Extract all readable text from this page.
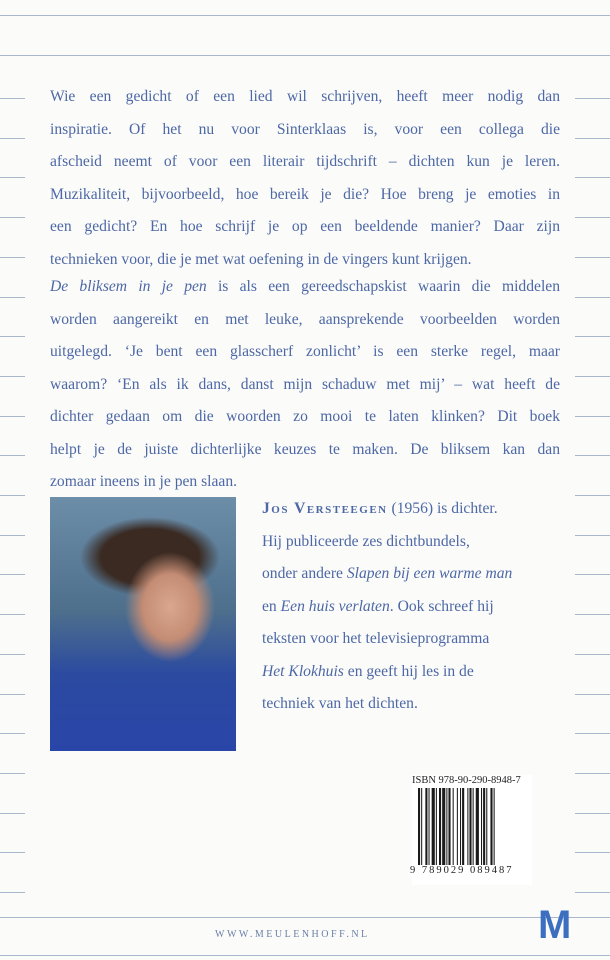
Wie een gedicht of een lied wil schrijven, heeft meer nodig dan
inspiratie. Of het nu voor Sinterklaas is, voor een collega die
afscheid neemt of voor een literair tijdschrift – dichten kun je leren.
Muzikaliteit, bijvoorbeeld, hoe bereik je die? Hoe breng je emoties in
een gedicht? En hoe schrijf je op een beeldende manier? Daar zijn
technieken voor, die je met wat oefening in de vingers kunt krijgen.
De bliksem in je pen is als een gereedschapskist waarin die middelen
worden aangereikt en met leuke, aansprekende voorbeelden worden
uitgelegd. ‘Je bent een glasscherf zonlicht’ is een sterke regel, maar
waarom? ‘En als ik dans, danst mijn schaduw met mij’ – wat heeft de
dichter gedaan om die woorden zo mooi te laten klinken? Dit boek
helpt je de juiste dichterlijke keuzes te maken. De bliksem kan dan
zomaar ineens in je pen slaan.
Jos Versteegen (1956) is dichter.
Hij publiceerde zes dichtbundels,
onder andere Slapen bij een warme man
en Een huis verlaten. Ook schreef hij
teksten voor het televisieprogramma
Het Klokhuis en geeft hij les in de
techniek van het dichten.
ISBN 978-90-290-8948-7
9 789029 089487
WWW.MEULENHOFF.NL	M
